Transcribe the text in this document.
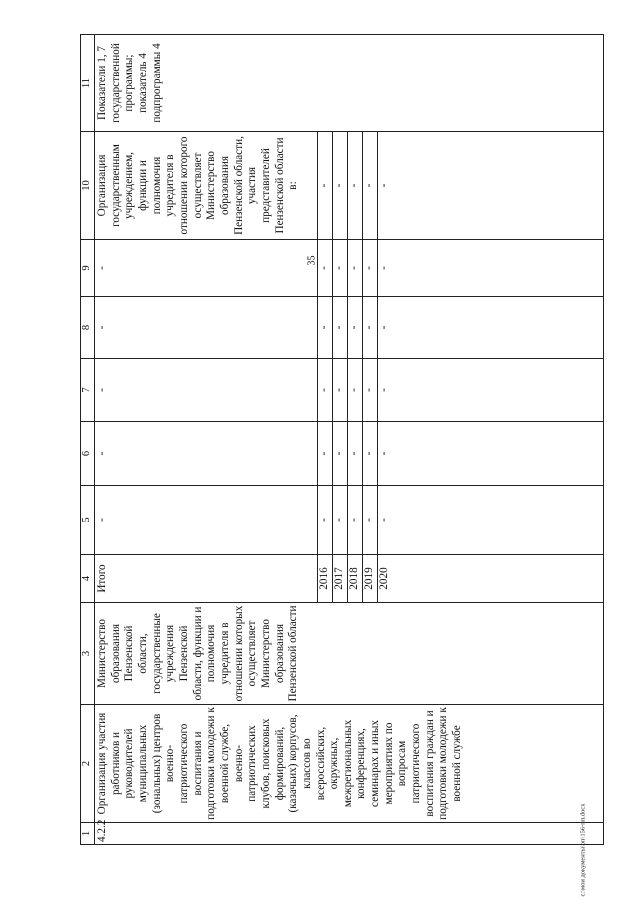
35
1	2	3	4	5	6	7	8	9	10	11
4.2.2	Организация участия работников и руководителей муниципальных (зональных) центров военно-патриотического воспитания и подготовки молодежи к военной службе, военно-патриотических клубов, поисковых формирований, (казачьих) корпусов, классов во всероссийских, окружных, межрегиональных конференциях, семинарах и иных мероприятиях по вопросам патриотического воспитания граждан и подготовки молодежи к военной службе	Министерство образования Пензенской области, государственные учреждения Пензенской области, функции и полномочия учредителя в отношении которых осуществляет Министерство образования Пензенской области	Итого	-	-	-	-	-	Организация государственным учреждением, функции и полномочия учредителя в отношении которого осуществляет Министерство образования Пензенской области, участия представителей Пензенской области в:	Показатели 1, 7 государственной программы; показатель 4 подпрограммы 4
			2016	-	-	-	-	-	-	
			2017	-	-	-	-	-	-	
			2018	-	-	-	-	-	-	
			2019	-	-	-	-	-	-	
			2020	-	-	-	-	-	-	
c:\мои документы\рп\156-пп.docx
